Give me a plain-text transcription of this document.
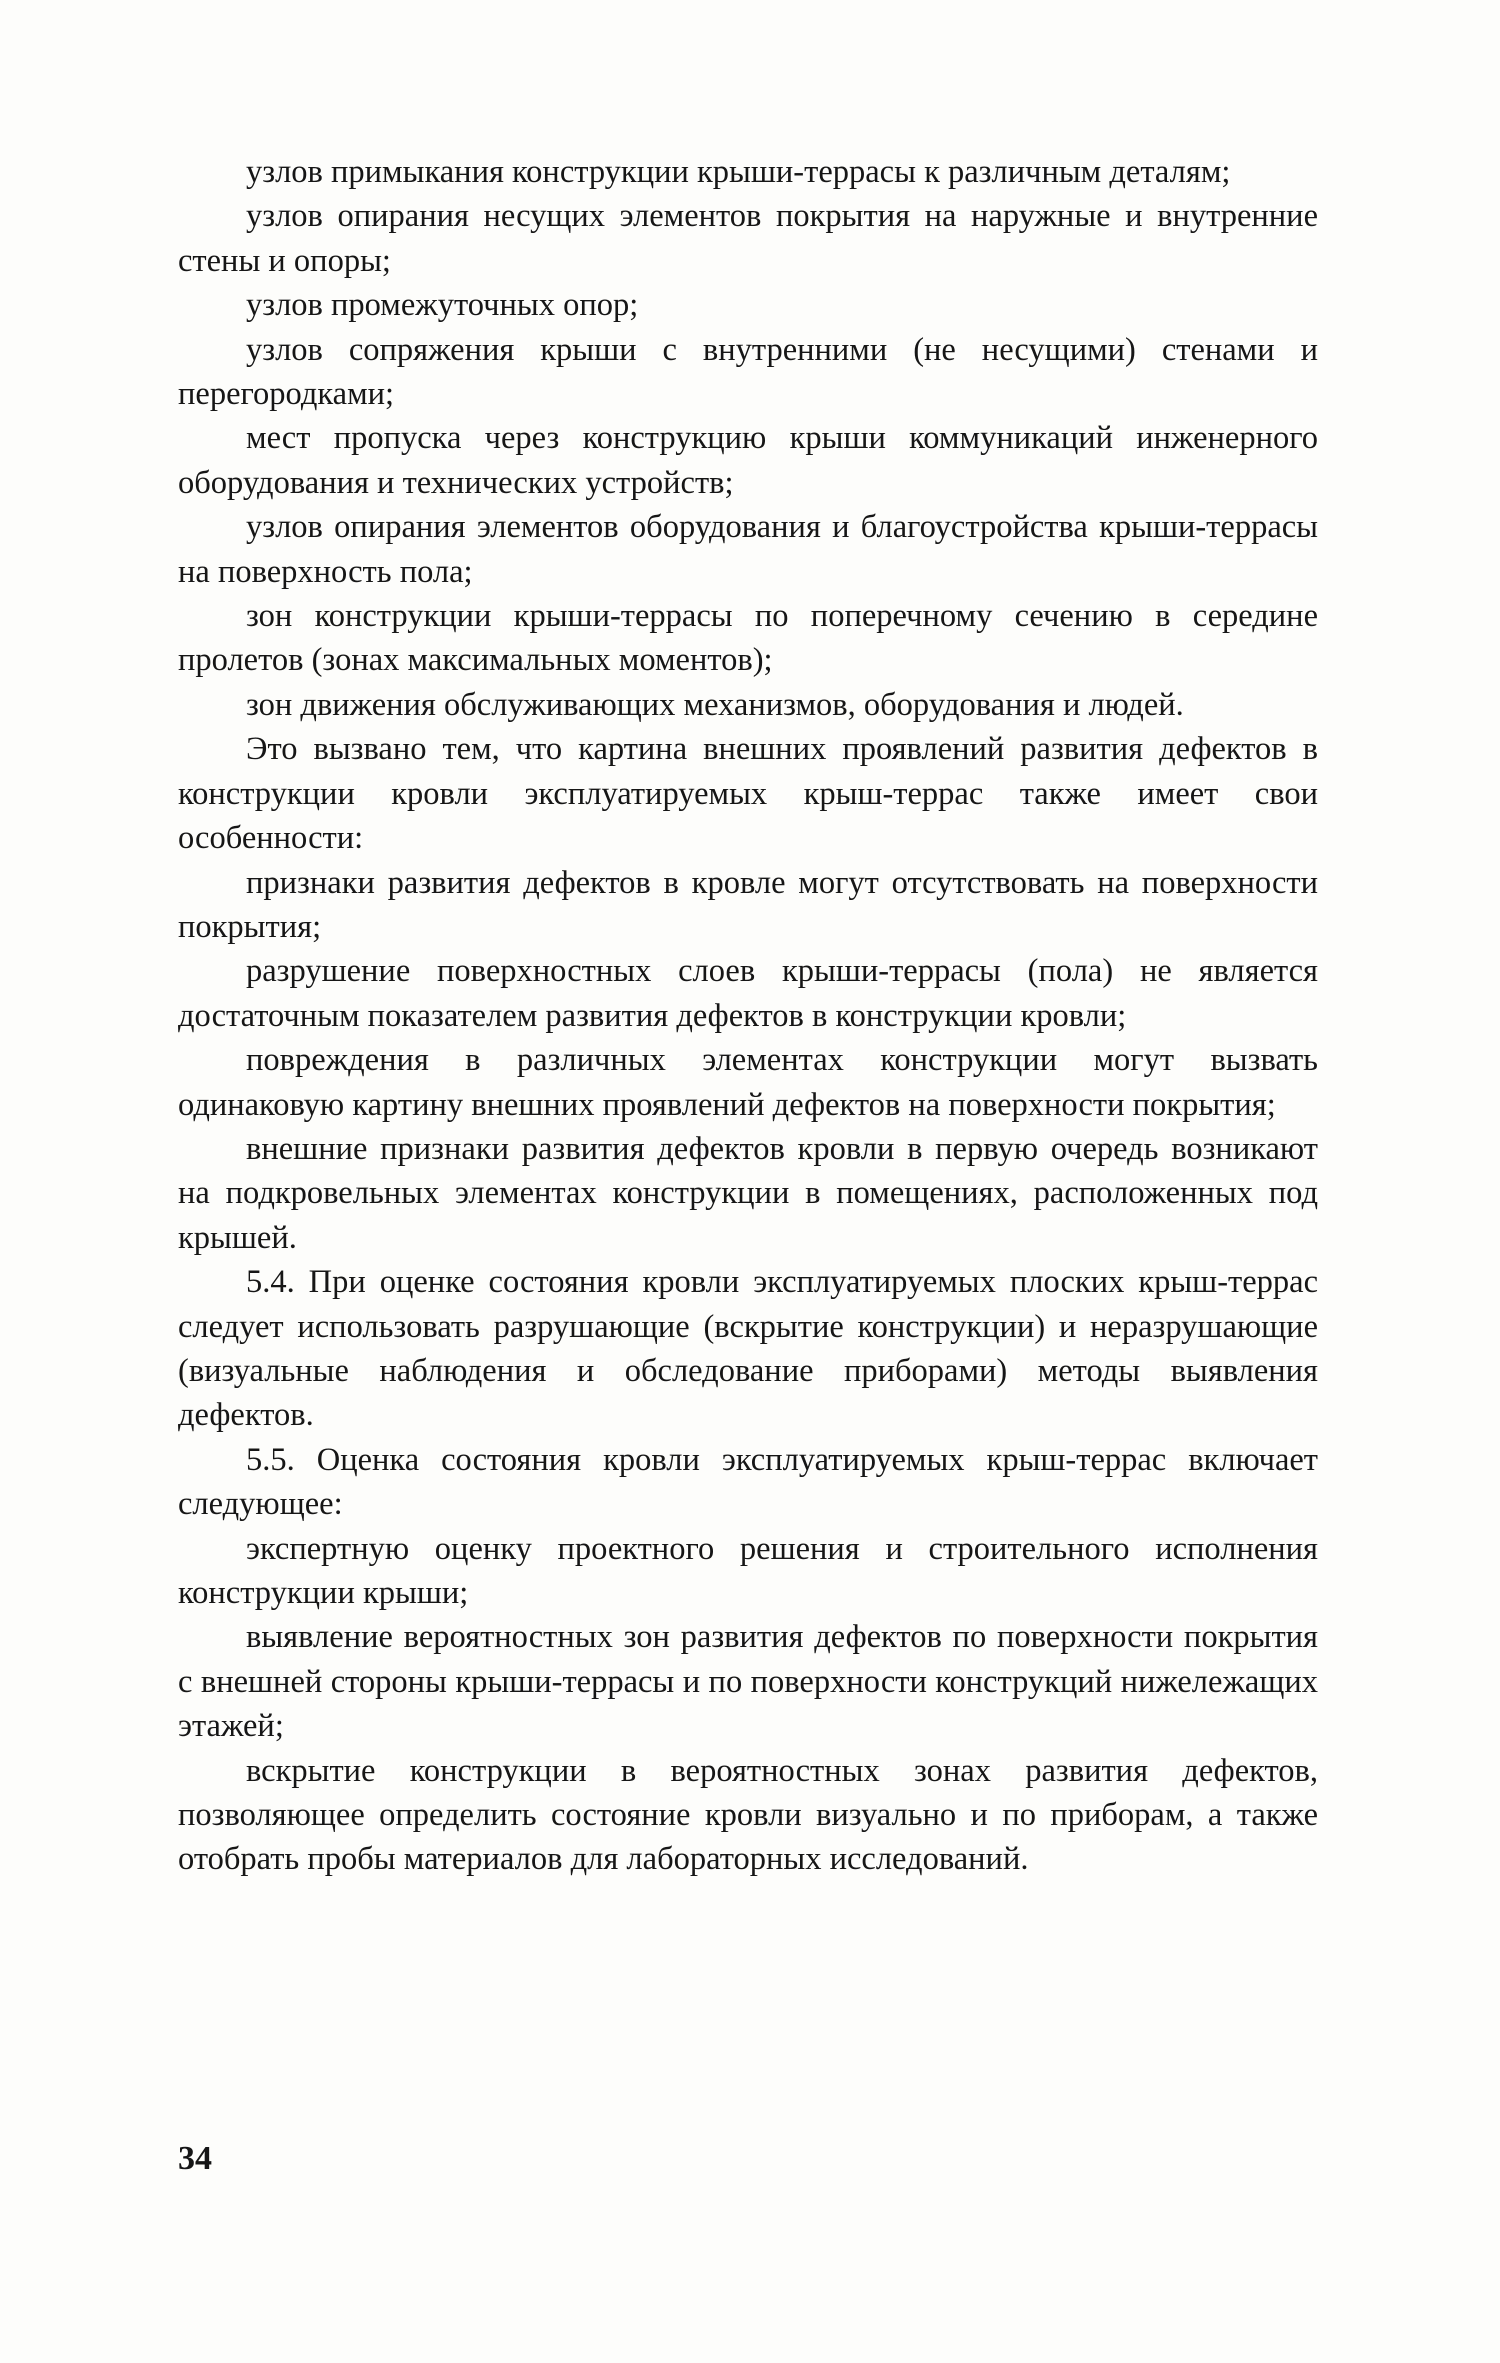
узлов примыкания конструкции крыши-террасы к различным деталям;

узлов опирания несущих элементов покрытия на наружные и внутренние стены и опоры;

узлов промежуточных опор;

узлов сопряжения крыши с внутренними (не несущими) стенами и перегородками;

мест пропуска через конструкцию крыши коммуникаций инженерного оборудования и технических устройств;

узлов опирания элементов оборудования и благоустройства крыши-террасы на поверхность пола;

зон конструкции крыши-террасы по поперечному сечению в середине пролетов (зонах максимальных моментов);

зон движения обслуживающих механизмов, оборудования и людей.

Это вызвано тем, что картина внешних проявлений развития дефектов в конструкции кровли эксплуатируемых крыш-террас также имеет свои особенности:

признаки развития дефектов в кровле могут отсутствовать на поверхности покрытия;

разрушение поверхностных слоев крыши-террасы (пола) не является достаточным показателем развития дефектов в конструкции кровли;

повреждения в различных элементах конструкции могут вызвать одинаковую картину внешних проявлений дефектов на поверхности покрытия;

внешние признаки развития дефектов кровли в первую очередь возникают на подкровельных элементах конструкции в помещениях, расположенных под крышей.

5.4. При оценке состояния кровли эксплуатируемых плоских крыш-террас следует использовать разрушающие (вскрытие конструкции) и неразрушающие (визуальные наблюдения и обследование приборами) методы выявления дефектов.

5.5. Оценка состояния кровли эксплуатируемых крыш-террас включает следующее:

экспертную оценку проектного решения и строительного исполнения конструкции крыши;

выявление вероятностных зон развития дефектов по поверхности покрытия с внешней стороны крыши-террасы и по поверхности конструкций нижележащих этажей;

вскрытие конструкции в вероятностных зонах развития дефектов, позволяющее определить состояние кровли визуально и по приборам, а также отобрать пробы материалов для лабораторных исследований.

34
